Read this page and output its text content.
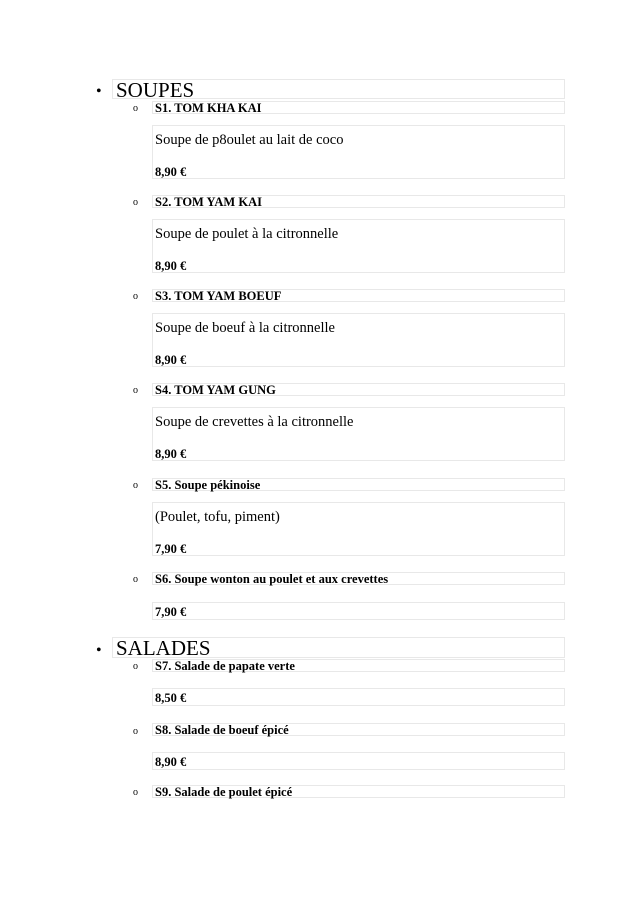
• SOUPES
o S1. TOM KHA KAI
Soupe de p8oulet au lait de coco
8,90 €
o S2. TOM YAM KAI
Soupe de poulet à la citronnelle
8,90 €
o S3. TOM YAM BOEUF
Soupe de boeuf à la citronnelle
8,90 €
o S4. TOM YAM GUNG
Soupe de crevettes à la citronnelle
8,90 €
o S5. Soupe pékinoise
(Poulet, tofu, piment)
7,90 €
o S6. Soupe wonton au poulet et aux crevettes
7,90 €
• SALADES
o S7. Salade de papate verte
8,50 €
o S8. Salade de boeuf épicé
8,90 €
o S9. Salade de poulet épicé
